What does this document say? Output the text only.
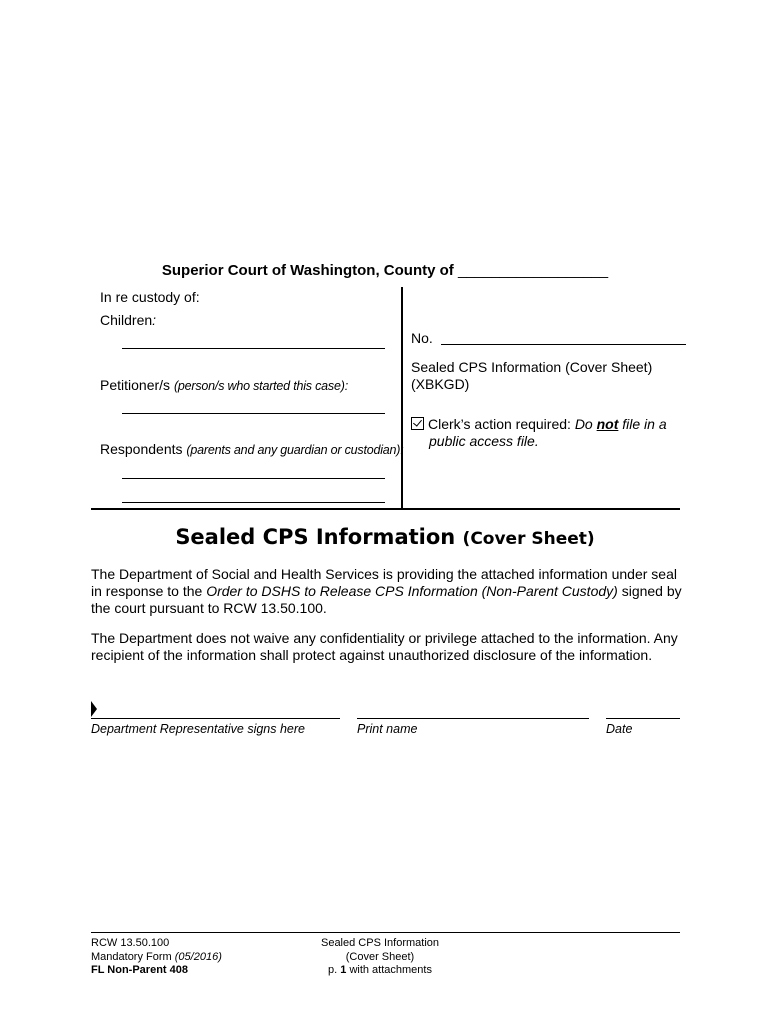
Superior Court of Washington, County of __________________
In re custody of:
Children:
Petitioner/s (person/s who started this case):
Respondents (parents and any guardian or custodian):
No.
Sealed CPS Information (Cover Sheet)
(XBKGD)
Clerk’s action required: Do not file in a
public access file.
Sealed CPS Information (Cover Sheet)
The Department of Social and Health Services is providing the attached information under seal in response to the Order to DSHS to Release CPS Information (Non-Parent Custody) signed by the court pursuant to RCW 13.50.100.
The Department does not waive any confidentiality or privilege attached to the information. Any recipient of the information shall protect against unauthorized disclosure of the information.
Department Representative signs here	Print name	Date
RCW 13.50.100
Mandatory Form (05/2016)
FL Non-Parent 408
Sealed CPS Information
(Cover Sheet)
p. 1 with attachments
